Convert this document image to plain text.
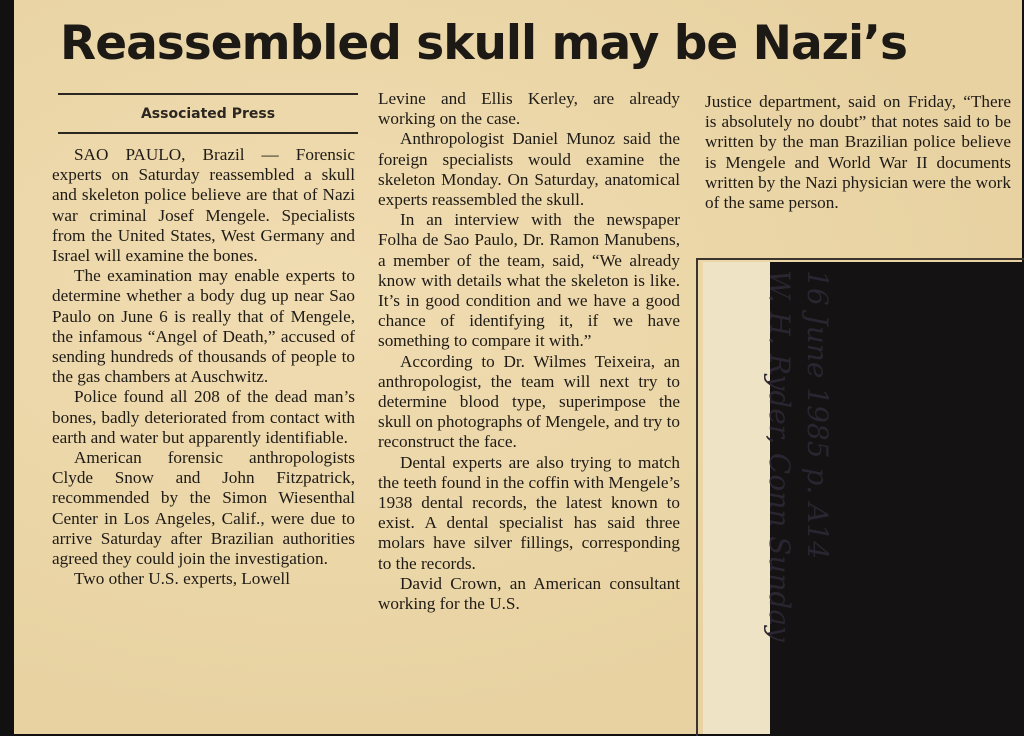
Reassembled skull may be Nazi’s
Associated Press

SAO PAULO, Brazil — Forensic experts on Saturday reassembled a skull and skeleton police believe are that of Nazi war criminal Josef Mengele. Specialists from the United States, West Germany and Israel will examine the bones.

The examination may enable experts to determine whether a body dug up near Sao Paulo on June 6 is really that of Mengele, the infamous “Angel of Death,” accused of sending hundreds of thousands of people to the gas chambers at Auschwitz.

Police found all 208 of the dead man’s bones, badly deteriorated from contact with earth and water but apparently identifiable.

American forensic anthropologists Clyde Snow and John Fitzpatrick, recommended by the Simon Wiesenthal Center in Los Angeles, Calif., were due to arrive Saturday after Brazilian authorities agreed they could join the investigation.

Two other U.S. experts, Lowell

Levine and Ellis Kerley, are already working on the case.

Anthropologist Daniel Munoz said the foreign specialists would examine the skeleton Monday. On Saturday, anatomical experts reassembled the skull.

In an interview with the newspaper Folha de Sao Paulo, Dr. Ramon Manubens, a member of the team, said, “We already know with details what the skeleton is like. It’s in good condition and we have a good chance of identifying it, if we have something to compare it with.”

According to Dr. Wilmes Teixeira, an anthropologist, the team will next try to determine blood type, superimpose the skull on photographs of Mengele, and try to reconstruct the face.

Dental experts are also trying to match the teeth found in the coffin with Mengele’s 1938 dental records, the latest known to exist. A dental specialist has said three molars have silver fillings, corresponding to the records.

David Crown, an American consultant working for the U.S.

Justice department, said on Friday, “There is absolutely no doubt” that notes said to be written by the man Brazilian police believe is Mengele and World War II documents written by the Nazi physician were the work of the same person.

16 June 1985 p. A14
W. H. Ryder, Conn Sunday
